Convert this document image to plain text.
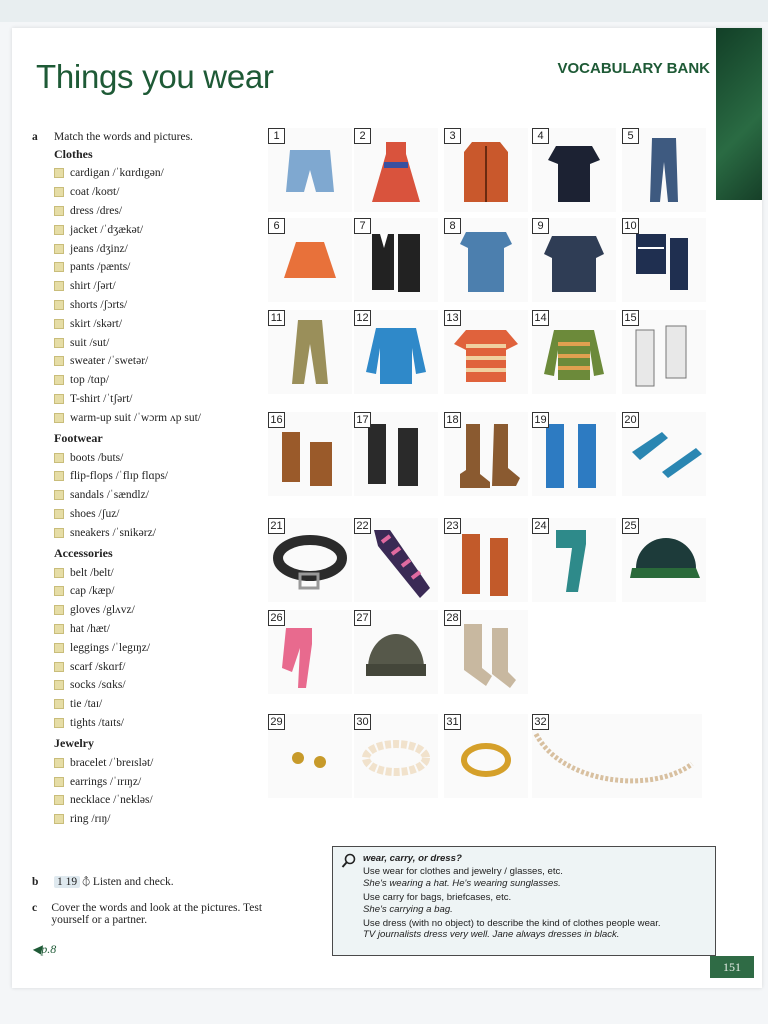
Things you wear	VOCABULARY BANK
a	Match the words and pictures.
Clothes
cardigan /ˈkɑrdɪgən/
coat /koʊt/
dress /dres/
jacket /ˈdʒækət/
jeans /dʒinz/
pants /pænts/
shirt /ʃərt/
shorts /ʃɔrts/
skirt /skərt/
suit /sut/
sweater /ˈswetər/
top /tɑp/
T-shirt /ˈtʃərt/
warm-up suit /ˈwɔrm ʌp sut/
Footwear
boots /buts/
flip-flops /ˈflɪp flɑps/
sandals /ˈsændlz/
shoes /ʃuz/
sneakers /ˈsnikərz/
Accessories
belt /belt/
cap /kæp/
gloves /glʌvz/
hat /hæt/
leggings /ˈlegɪŋz/
scarf /skɑrf/
socks /sɑks/
tie /taɪ/
tights /taɪts/
Jewelry
bracelet /ˈbreɪslət/
earrings /ˈɪrɪŋz/
necklace /ˈnekləs/
ring /rɪŋ/
b	1 19 ⦽ Listen and check.
c	Cover the words and look at the pictures. Test yourself or a partner.
◀p.8
1	2	3	4	5
6	7	8	9	10
11	12	13	14	15
16	17	18	19	20
21	22	23	24	25
26	27	28
29	30	31	32
wear, carry, or dress?

Use wear for clothes and jewelry / glasses, etc.
She's wearing a hat. He's wearing sunglasses.

Use carry for bags, briefcases, etc.
She's carrying a bag.

Use dress (with no object) to describe the kind of clothes people wear.
TV journalists dress very well. Jane always dresses in black.

151
